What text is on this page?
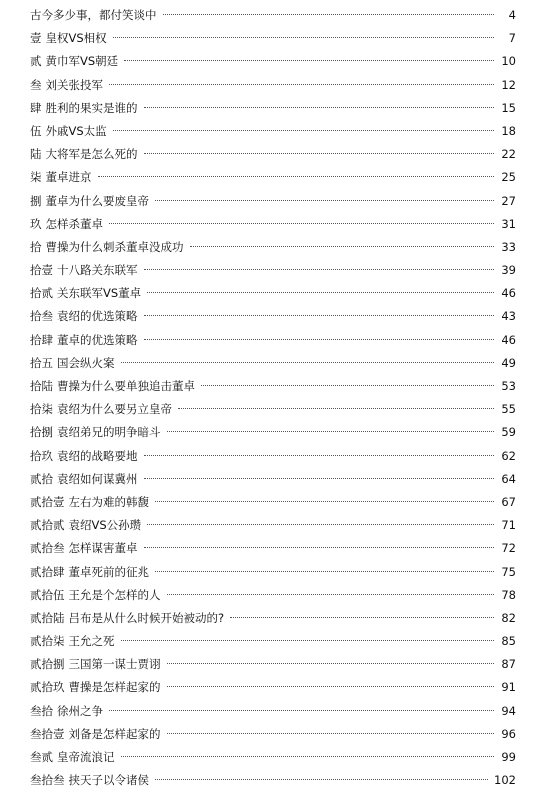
古今多少事，都付笑谈中	4
壹 皇权VS相权	7
贰 黄巾军VS朝廷	10
叁 刘关张投军	12
肆 胜利的果实是谁的	15
伍 外戚VS太监	18
陆 大将军是怎么死的	22
柒 董卓进京	25
捌 董卓为什么要废皇帝	27
玖 怎样杀董卓	31
拾 曹操为什么刺杀董卓没成功	33
拾壹 十八路关东联军	39
拾贰 关东联军VS董卓	46
拾叁 袁绍的优选策略	43
拾肆 董卓的优选策略	46
拾五 国会纵火案	49
拾陆 曹操为什么要单独追击董卓	53
拾柒 袁绍为什么要另立皇帝	55
拾捌 袁绍弟兄的明争暗斗	59
拾玖 袁绍的战略要地	62
贰拾 袁绍如何谋冀州	64
贰拾壹 左右为难的韩馥	67
贰拾贰 袁绍VS公孙瓒	71
贰拾叁 怎样谋害董卓	72
贰拾肆 董卓死前的征兆	75
贰拾伍 王允是个怎样的人	78
贰拾陆 吕布是从什么时候开始被动的?	82
贰拾柒 王允之死	85
贰拾捌 三国第一谋士贾诩	87
贰拾玖 曹操是怎样起家的	91
叁拾 徐州之争	94
叁拾壹 刘备是怎样起家的	96
叁贰 皇帝流浪记	99
叁拾叁 挟天子以令诸侯	102
